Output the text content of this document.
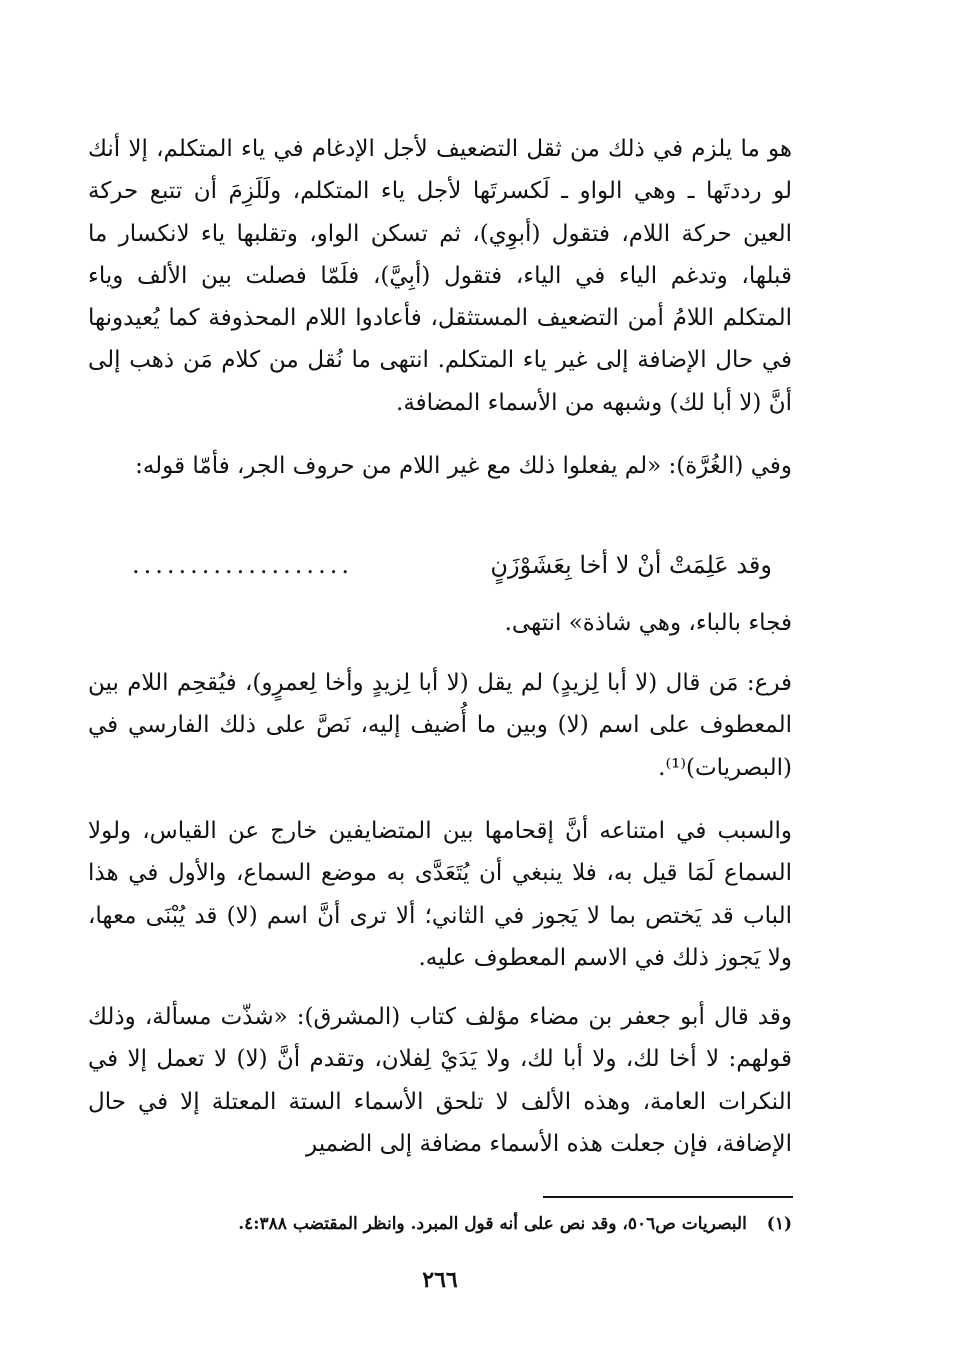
هو ما يلزم في ذلك من ثقل التضعيف لأجل الإدغام في ياء المتكلم، إلا أنك لو رددتَها ـ وهي الواو ـ لَكسرتَها لأجل ياء المتكلم، ولَلَزِمَ أن تتبع حركة العين حركة اللام، فتقول (أبوِي)، ثم تسكن الواو، وتقلبها ياء لانكسار ما قبلها، وتدغم الياء في الياء، فتقول (أبِيَّ)، فلَمّا فصلت بين الألف وياء المتكلم اللامُ أمن التضعيف المستثقل، فأعادوا اللام المحذوفة كما يُعيدونها في حال الإضافة إلى غير ياء المتكلم. انتهى ما نُقل من كلام مَن ذهب إلى أنَّ (لا أبا لك) وشبهه من الأسماء المضافة.

وفي (الغُرَّة): «لم يفعلوا ذلك مع غير اللام من حروف الجر، فأمّا قوله:

وقد عَلِمَتْ أنْ لا أخا بِعَشَوْزَنٍ
...................

فجاء بالباء، وهي شاذة» انتهى.

فرع: مَن قال (لا أبا لِزيدٍ) لم يقل (لا أبا لِزيدٍ وأخا لِعمرٍو)، فيُقحِم اللام بين المعطوف على اسم (لا) وبين ما أُضيف إليه، نَصَّ على ذلك الفارسي في (البصريات)⁽¹⁾.

والسبب في امتناعه أنَّ إقحامها بين المتضايفين خارج عن القياس، ولولا السماع لَمَا قيل به، فلا ينبغي أن يُتَعَدَّى به موضع السماع، والأول في هذا الباب قد يَختص بما لا يَجوز في الثاني؛ ألا ترى أنَّ اسم (لا) قد يُبْنَى معها، ولا يَجوز ذلك في الاسم المعطوف عليه.

وقد قال أبو جعفر بن مضاء مؤلف كتاب (المشرق): «شذّت مسألة، وذلك قولهم: لا أخا لك، ولا أبا لك، ولا يَدَيْ لِفلان، وتقدم أنَّ (لا) لا تعمل إلا في النكرات العامة، وهذه الألف لا تلحق الأسماء الستة المعتلة إلا في حال الإضافة، فإن جعلت هذه الأسماء مضافة إلى الضمير

(١) البصريات ص٥٠٦، وقد نص على أنه قول المبرد. وانظر المقتضب ٤:٣٨٨.
٢٦٦
